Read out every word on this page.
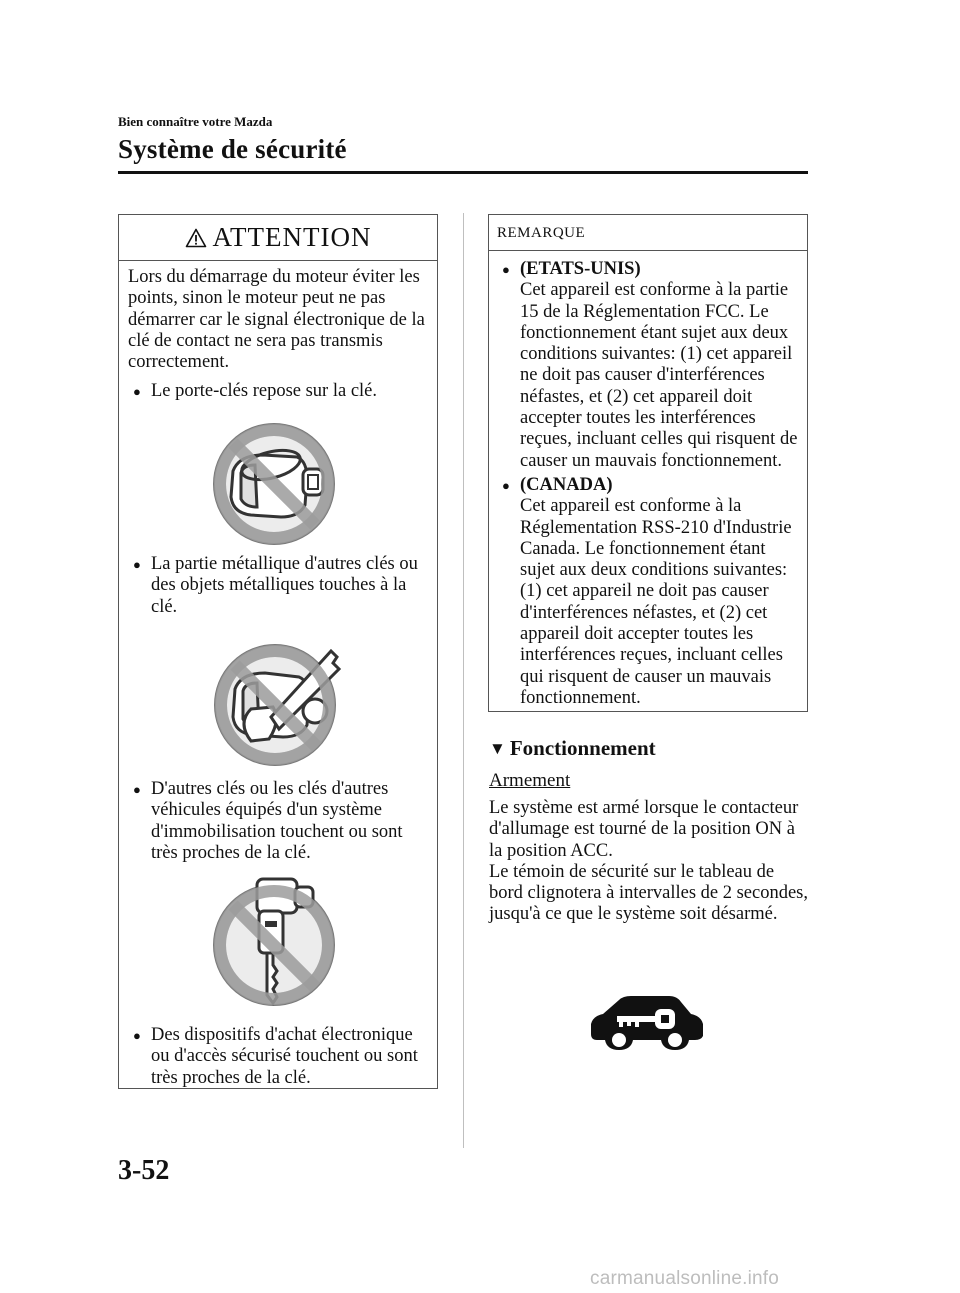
Bien connaître votre Mazda
Système de sécurité
ATTENTION
Lors du démarrage du moteur éviter les points, sinon le moteur peut ne pas démarrer car le signal électronique de la clé de contact ne sera pas transmis correctement.
● Le porte-clés repose sur la clé.
● La partie métallique d'autres clés ou des objets métalliques touches à la clé.
● D'autres clés ou les clés d'autres véhicules équipés d'un système d'immobilisation touchent ou sont très proches de la clé.
● Des dispositifs d'achat électronique ou d'accès sécurisé touchent ou sont très proches de la clé.
REMARQUE
● (ETATS-UNIS)
Cet appareil est conforme à la partie 15 de la Réglementation FCC. Le fonctionnement étant sujet aux deux conditions suivantes: (1) cet appareil ne doit pas causer d'interférences néfastes, et (2) cet appareil doit accepter toutes les interférences reçues, incluant celles qui risquent de causer un mauvais fonctionnement.
● (CANADA)
Cet appareil est conforme à la Réglementation RSS-210 d'Industrie Canada. Le fonctionnement étant sujet aux deux conditions suivantes: (1) cet appareil ne doit pas causer d'interférences néfastes, et (2) cet appareil doit accepter toutes les interférences reçues, incluant celles qui risquent de causer un mauvais fonctionnement.
▼ Fonctionnement
Armement
Le système est armé lorsque le contacteur d'allumage est tourné de la position ON à la position ACC.
Le témoin de sécurité sur le tableau de bord clignotera à intervalles de 2 secondes, jusqu'à ce que le système soit désarmé.
3-52
carmanualsonline.info
